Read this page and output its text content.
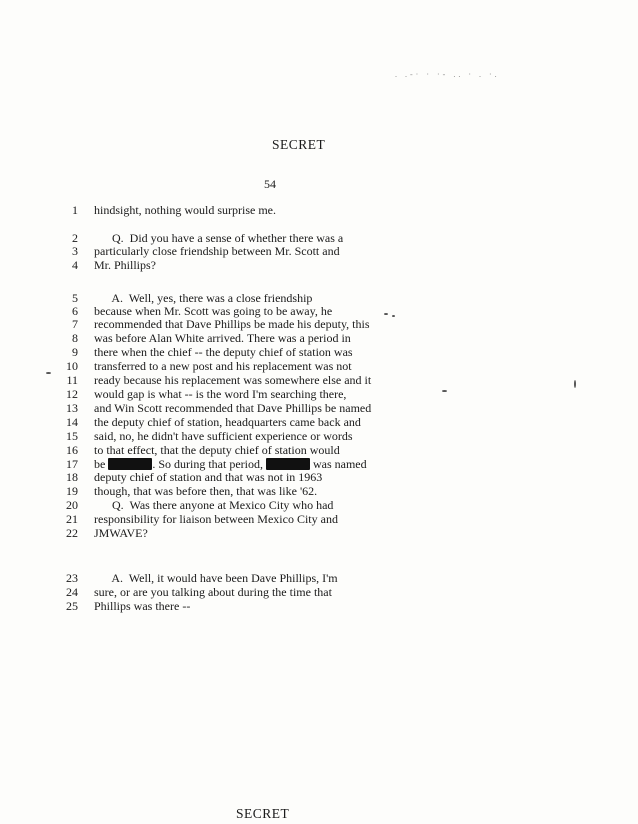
. .-· · ·- .. · . ·.
SECRET
54
1 hindsight, nothing would surprise me.
2 Q.  Did you have a sense of whether there was a
3 particularly close friendship between Mr. Scott and
4 Mr. Phillips?
5 A.  Well, yes, there was a close friendship
6 because when Mr. Scott was going to be away, he
7 recommended that Dave Phillips be made his deputy, this
8 was before Alan White arrived. There was a period in
9 there when the chief -- the deputy chief of station was
10 transferred to a new post and his replacement was not
11 ready because his replacement was somewhere else and it
12 would gap is what -- is the word I'm searching there,
13 and Win Scott recommended that Dave Phillips be named
14 the deputy chief of station, headquarters came back and
15 said, no, he didn't have sufficient experience or words
16 to that effect, that the deputy chief of station would
17 be	. So during that period,	was named
18 deputy chief of station and that was not in 1963
19 though, that was before then, that was like '62.
20 Q.  Was there anyone at Mexico City who had
21 responsibility for liaison between Mexico City and
22 JMWAVE?
23 A.  Well, it would have been Dave Phillips, I'm
24 sure, or are you talking about during the time that
25 Phillips was there --
SECRET
